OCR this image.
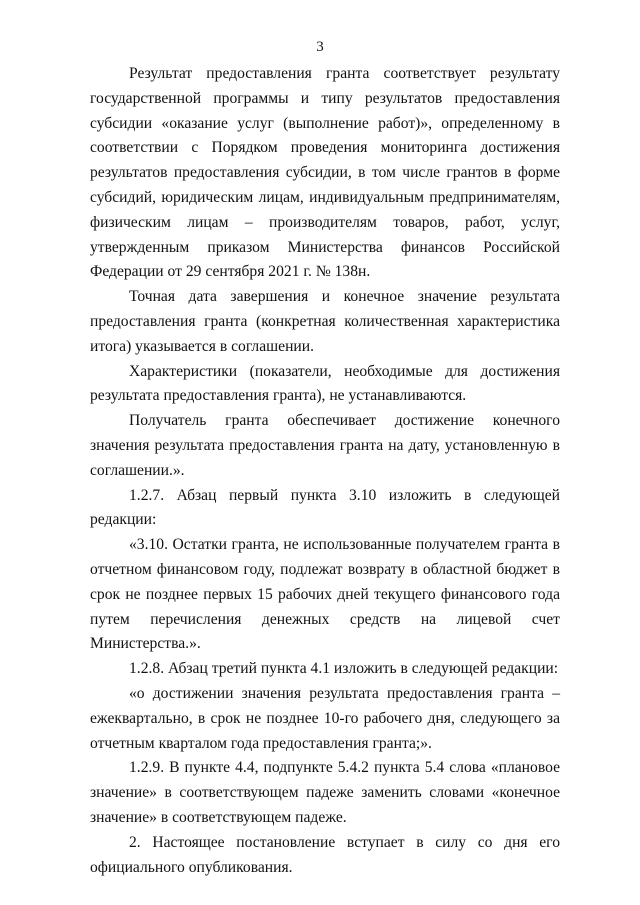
3

Результат предоставления гранта соответствует результату государственной программы и типу результатов предоставления субсидии «оказание услуг (выполнение работ)», определенному в соответствии с Порядком проведения мониторинга достижения результатов предоставления субсидии, в том числе грантов в форме субсидий, юридическим лицам, индивидуальным предпринимателям, физическим лицам – производителям товаров, работ, услуг, утвержденным приказом Министерства финансов Российской Федерации от 29 сентября 2021 г. № 138н.

Точная дата завершения и конечное значение результата предоставления гранта (конкретная количественная характеристика итога) указывается в соглашении.

Характеристики (показатели, необходимые для достижения результата предоставления гранта), не устанавливаются.

Получатель гранта обеспечивает достижение конечного значения результата предоставления гранта на дату, установленную в соглашении.».

1.2.7. Абзац первый пункта 3.10 изложить в следующей редакции:

«3.10. Остатки гранта, не использованные получателем гранта в отчетном финансовом году, подлежат возврату в областной бюджет в срок не позднее первых 15 рабочих дней текущего финансового года путем перечисления денежных средств на лицевой счет Министерства.».

1.2.8. Абзац третий пункта 4.1 изложить в следующей редакции:

«о достижении значения результата предоставления гранта – ежеквартально, в срок не позднее 10-го рабочего дня, следующего за отчетным кварталом года предоставления гранта;».

1.2.9. В пункте 4.4, подпункте 5.4.2 пункта 5.4 слова «плановое значение» в соответствующем падеже заменить словами «конечное значение» в соответствующем падеже.

2. Настоящее постановление вступает в силу со дня его официального опубликования.
